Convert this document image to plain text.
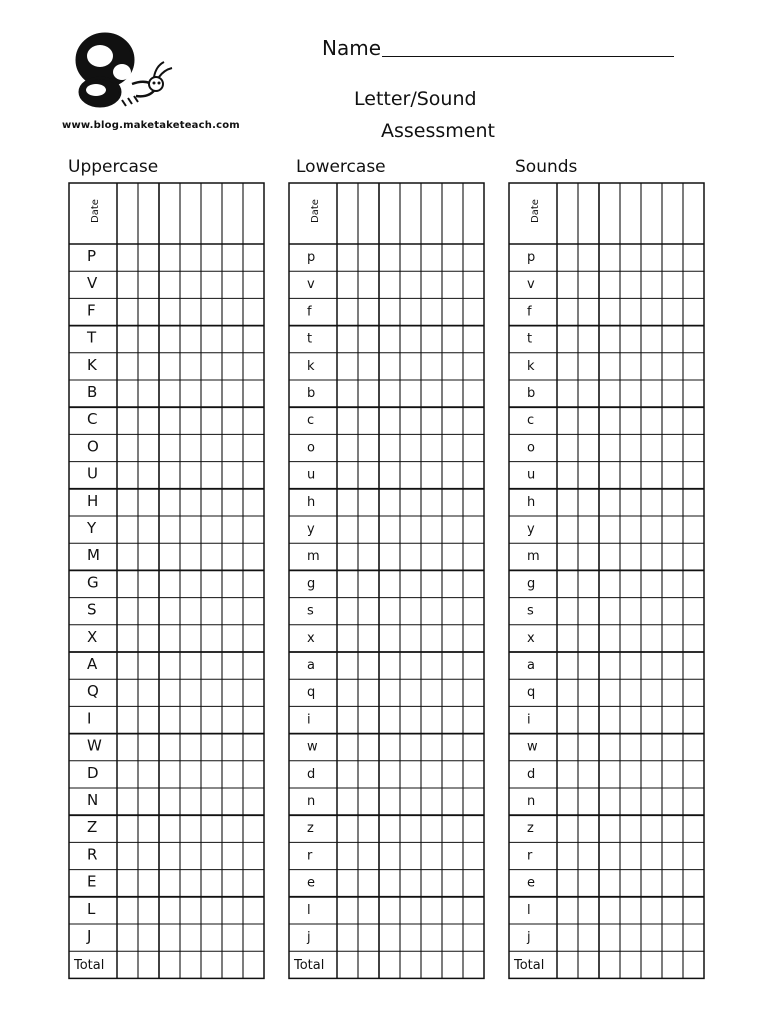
www.blog.maketaketeach.com
Name
Letter/Sound
Assessment
Uppercase	Lowercase	Sounds
Date
P
V
F
T
K
B
C
O
U
H
Y
M
G
S
X
A
Q
I
W
D
N
Z
R
E
L
J
Total
Date
p
v
f
t
k
b
c
o
u
h
y
m
g
s
x
a
q
i
w
d
n
z
r
e
l
j
Total
Date
p
v
f
t
k
b
c
o
u
h
y
m
g
s
x
a
q
i
w
d
n
z
r
e
l
j
Total
